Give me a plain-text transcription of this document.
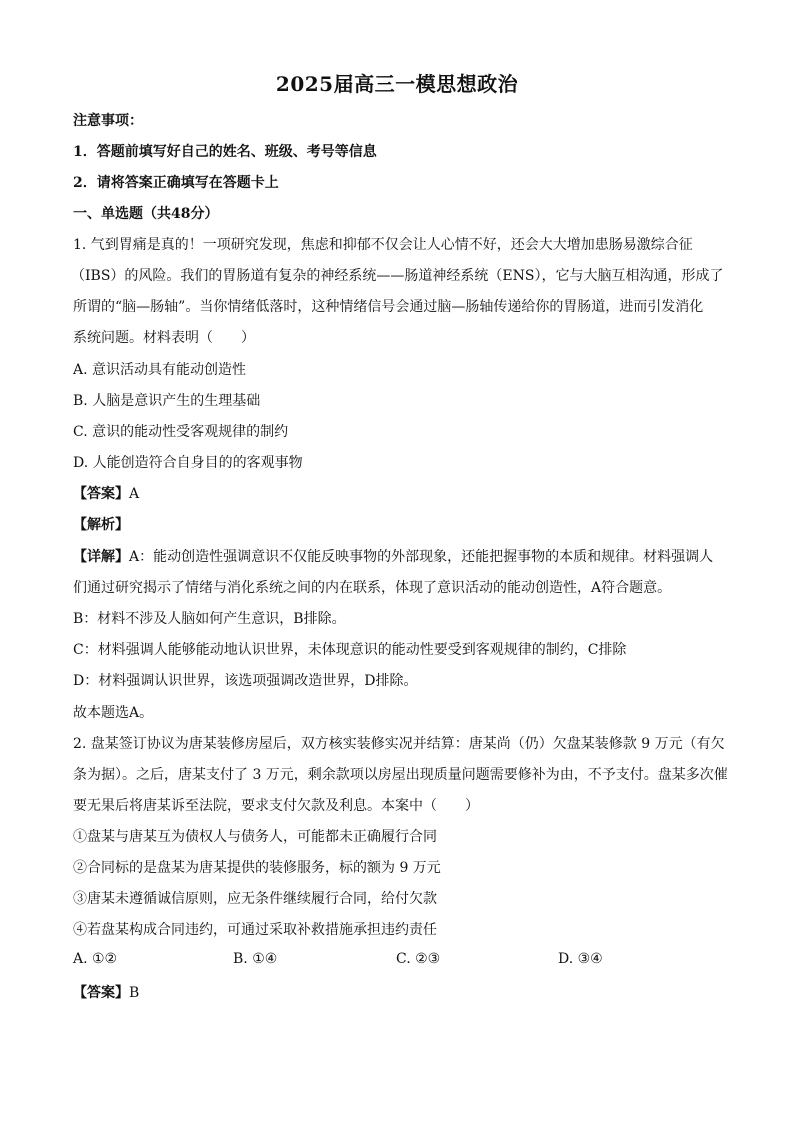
2025届高三一模思想政治
注意事项：
1．答题前填写好自己的姓名、班级、考号等信息
2．请将答案正确填写在答题卡上
一、单选题（共48分）
1. 气到胃痛是真的！一项研究发现，焦虑和抑郁不仅会让人心情不好，还会大大增加患肠易激综合征
（IBS）的风险。我们的胃肠道有复杂的神经系统——肠道神经系统（ENS），它与大脑互相沟通，形成了
所谓的“脑—肠轴”。当你情绪低落时，这种情绪信号会通过脑—肠轴传递给你的胃肠道，进而引发消化
系统问题。材料表明（　　）
A. 意识活动具有能动创造性
B. 人脑是意识产生的生理基础
C. 意识的能动性受客观规律的制约
D. 人能创造符合自身目的的客观事物
【答案】A
【解析】
【详解】A：能动创造性强调意识不仅能反映事物的外部现象，还能把握事物的本质和规律。材料强调人
们通过研究揭示了情绪与消化系统之间的内在联系，体现了意识活动的能动创造性，A符合题意。
B：材料不涉及人脑如何产生意识，B排除。
C：材料强调人能够能动地认识世界，未体现意识的能动性要受到客观规律的制约，C排除
D：材料强调认识世界，该选项强调改造世界，D排除。
故本题选A。
2. 盘某签订协议为唐某装修房屋后，双方核实装修实况并结算：唐某尚（仍）欠盘某装修款 9 万元（有欠
条为据）。之后，唐某支付了 3 万元，剩余款项以房屋出现质量问题需要修补为由，不予支付。盘某多次催
要无果后将唐某诉至法院，要求支付欠款及利息。本案中（　　）
①盘某与唐某互为债权人与债务人，可能都未正确履行合同
②合同标的是盘某为唐某提供的装修服务，标的额为 9 万元
③唐某未遵循诚信原则，应无条件继续履行合同，给付欠款
④若盘某构成合同违约，可通过采取补救措施承担违约责任
A. ①②	B. ①④	C. ②③	D. ③④
【答案】B
